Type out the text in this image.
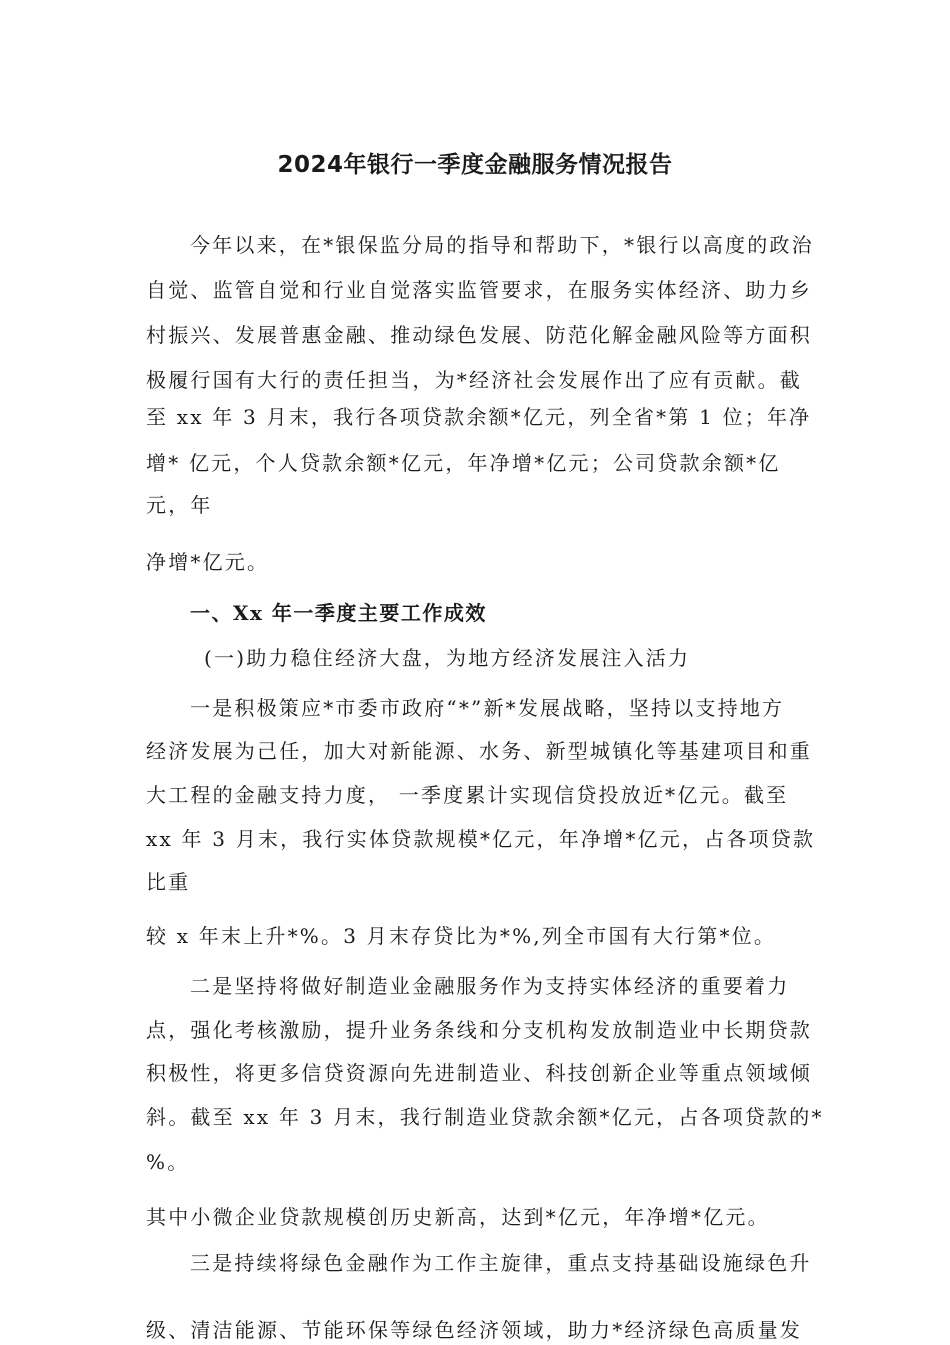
2024年银行一季度金融服务情况报告
今年以来，在*银保监分局的指导和帮助下，*银行以高度的政治
自觉、监管自觉和行业自觉落实监管要求，在服务实体经济、助力乡
村振兴、发展普惠金融、推动绿色发展、防范化解金融风险等方面积
极履行国有大行的责任担当，为*经济社会发展作出了应有贡献。截
至 xx 年 3 月末，我行各项贷款余额*亿元，列全省*第 1 位；年净
增* 亿元，个人贷款余额*亿元，年净增*亿元；公司贷款余额*亿
元，年
净增*亿元。
一、Xx 年一季度主要工作成效
(一)助力稳住经济大盘，为地方经济发展注入活力
一是积极策应*市委市政府“*”新*发展战略，坚持以支持地方
经济发展为己任，加大对新能源、水务、新型城镇化等基建项目和重
大工程的金融支持力度， 一季度累计实现信贷投放近*亿元。截至
xx 年 3 月末，我行实体贷款规模*亿元，年净增*亿元，占各项贷款
比重
较 x 年末上升*%。3 月末存贷比为*%,列全市国有大行第*位。
二是坚持将做好制造业金融服务作为支持实体经济的重要着力
点，强化考核激励，提升业务条线和分支机构发放制造业中长期贷款
积极性，将更多信贷资源向先进制造业、科技创新企业等重点领域倾
斜。截至 xx 年 3 月末，我行制造业贷款余额*亿元，占各项贷款的*
%。
其中小微企业贷款规模创历史新高，达到*亿元，年净增*亿元。
三是持续将绿色金融作为工作主旋律，重点支持基础设施绿色升
级、清洁能源、节能环保等绿色经济领域，助力*经济绿色高质量发
